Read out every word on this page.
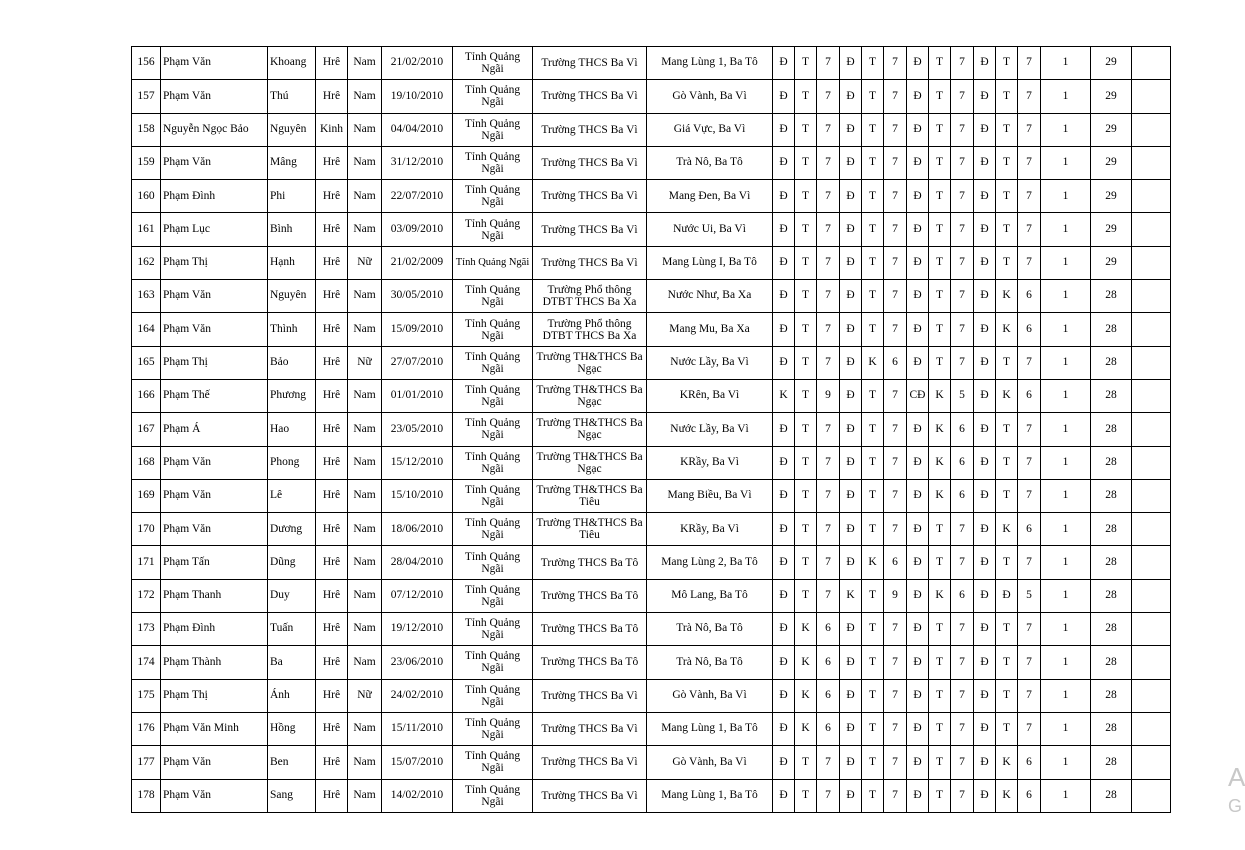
156	Phạm Văn	Khoang	Hrê	Nam	21/02/2010	Tỉnh Quảng Ngãi	Trường THCS Ba Vì	Mang Lùng 1, Ba Tô	Đ	T	7	Đ	T	7	Đ	T	7	Đ	T	7	1	29	
157	Phạm Văn	Thú	Hrê	Nam	19/10/2010	Tỉnh Quảng Ngãi	Trường THCS Ba Vì	Gò Vành, Ba Vì	Đ	T	7	Đ	T	7	Đ	T	7	Đ	T	7	1	29	
158	Nguyễn Ngọc Bảo	Nguyên	Kinh	Nam	04/04/2010	Tỉnh Quảng Ngãi	Trường THCS Ba Vì	Giá Vực, Ba Vì	Đ	T	7	Đ	T	7	Đ	T	7	Đ	T	7	1	29	
159	Phạm Văn	Mâng	Hrê	Nam	31/12/2010	Tỉnh Quảng Ngãi	Trường THCS Ba Vì	Trà Nô, Ba Tô	Đ	T	7	Đ	T	7	Đ	T	7	Đ	T	7	1	29	
160	Phạm Đình	Phi	Hrê	Nam	22/07/2010	Tỉnh Quảng Ngãi	Trường THCS Ba Vì	Mang Đen, Ba Vì	Đ	T	7	Đ	T	7	Đ	T	7	Đ	T	7	1	29	
161	Phạm Lục	Bình	Hrê	Nam	03/09/2010	Tỉnh Quảng Ngãi	Trường THCS Ba Vì	Nước Ui, Ba Vì	Đ	T	7	Đ	T	7	Đ	T	7	Đ	T	7	1	29	
162	Phạm Thị	Hạnh	Hrê	Nữ	21/02/2009	Tỉnh Quảng Ngãi	Trường THCS Ba Vì	Mang Lùng I, Ba Tô	Đ	T	7	Đ	T	7	Đ	T	7	Đ	T	7	1	29	
163	Phạm Văn	Nguyên	Hrê	Nam	30/05/2010	Tỉnh Quảng Ngãi	Trường Phổ thông DTBT THCS Ba Xa	Nước Như, Ba Xa	Đ	T	7	Đ	T	7	Đ	T	7	Đ	K	6	1	28	
164	Phạm Văn	Thình	Hrê	Nam	15/09/2010	Tỉnh Quảng Ngãi	Trường Phổ thông DTBT THCS Ba Xa	Mang Mu, Ba Xa	Đ	T	7	Đ	T	7	Đ	T	7	Đ	K	6	1	28	
165	Phạm Thị	Bảo	Hrê	Nữ	27/07/2010	Tỉnh Quảng Ngãi	Trường TH&THCS Ba Ngạc	Nước Lầy, Ba Vì	Đ	T	7	Đ	K	6	Đ	T	7	Đ	T	7	1	28	
166	Phạm Thế	Phương	Hrê	Nam	01/01/2010	Tỉnh Quảng Ngãi	Trường TH&THCS Ba Ngạc	KRên, Ba Vì	K	T	9	Đ	T	7	CĐ	K	5	Đ	K	6	1	28	
167	Phạm Á	Hao	Hrê	Nam	23/05/2010	Tỉnh Quảng Ngãi	Trường TH&THCS Ba Ngạc	Nước Lầy, Ba Vì	Đ	T	7	Đ	T	7	Đ	K	6	Đ	T	7	1	28	
168	Phạm Văn	Phong	Hrê	Nam	15/12/2010	Tỉnh Quảng Ngãi	Trường TH&THCS Ba Ngạc	KRầy, Ba Vì	Đ	T	7	Đ	T	7	Đ	K	6	Đ	T	7	1	28	
169	Phạm Văn	Lê	Hrê	Nam	15/10/2010	Tỉnh Quảng Ngãi	Trường TH&THCS Ba Tiêu	Mang Biều, Ba Vì	Đ	T	7	Đ	T	7	Đ	K	6	Đ	T	7	1	28	
170	Phạm Văn	Dương	Hrê	Nam	18/06/2010	Tỉnh Quảng Ngãi	Trường TH&THCS Ba Tiêu	KRầy, Ba Vì	Đ	T	7	Đ	T	7	Đ	T	7	Đ	K	6	1	28	
171	Phạm Tấn	Dũng	Hrê	Nam	28/04/2010	Tỉnh Quảng Ngãi	Trường THCS Ba Tô	Mang Lùng 2, Ba Tô	Đ	T	7	Đ	K	6	Đ	T	7	Đ	T	7	1	28	
172	Phạm Thanh	Duy	Hrê	Nam	07/12/2010	Tỉnh Quảng Ngãi	Trường THCS Ba Tô	Mô Lang, Ba Tô	Đ	T	7	K	T	9	Đ	K	6	Đ	Đ	5	1	28	
173	Phạm Đình	Tuấn	Hrê	Nam	19/12/2010	Tỉnh Quảng Ngãi	Trường THCS Ba Tô	Trà Nô, Ba Tô	Đ	K	6	Đ	T	7	Đ	T	7	Đ	T	7	1	28	
174	Phạm Thành	Ba	Hrê	Nam	23/06/2010	Tỉnh Quảng Ngãi	Trường THCS Ba Tô	Trà Nô, Ba Tô	Đ	K	6	Đ	T	7	Đ	T	7	Đ	T	7	1	28	
175	Phạm Thị	Ánh	Hrê	Nữ	24/02/2010	Tỉnh Quảng Ngãi	Trường THCS Ba Vì	Gò Vành, Ba Vì	Đ	K	6	Đ	T	7	Đ	T	7	Đ	T	7	1	28	
176	Phạm Văn Minh	Hồng	Hrê	Nam	15/11/2010	Tỉnh Quảng Ngãi	Trường THCS Ba Vì	Mang Lùng 1, Ba Tô	Đ	K	6	Đ	T	7	Đ	T	7	Đ	T	7	1	28	
177	Phạm Văn	Ben	Hrê	Nam	15/07/2010	Tỉnh Quảng Ngãi	Trường THCS Ba Vì	Gò Vành, Ba Vì	Đ	T	7	Đ	T	7	Đ	T	7	Đ	K	6	1	28	
178	Phạm Văn	Sang	Hrê	Nam	14/02/2010	Tỉnh Quảng Ngãi	Trường THCS Ba Vì	Mang Lùng 1, Ba Tô	Đ	T	7	Đ	T	7	Đ	T	7	Đ	K	6	1	28	
A
G
